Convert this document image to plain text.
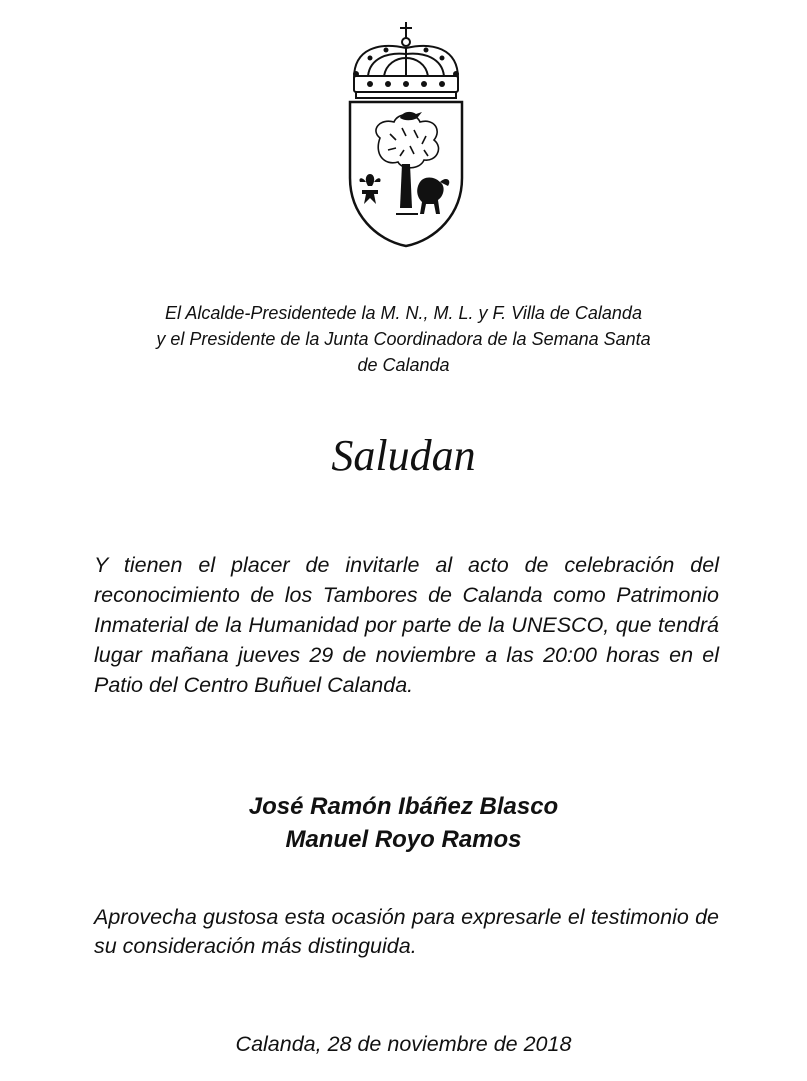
El Alcalde-Presidentede la M. N., M. L. y F. Villa de Calanda
y el Presidente de la Junta Coordinadora de la Semana Santa
de Calanda
Saludan
Y tienen el placer de invitarle al acto de celebración del reconocimiento de los Tambores de Calanda como Patrimonio Inmaterial de la Humanidad por parte de la UNESCO, que tendrá lugar mañana jueves 29 de noviembre a las 20:00 horas en el Patio del Centro Buñuel Calanda.
José Ramón Ibáñez Blasco
Manuel Royo Ramos
Aprovecha gustosa esta ocasión para expresarle el testimonio de su consideración más distinguida.
Calanda, 28 de noviembre de 2018
